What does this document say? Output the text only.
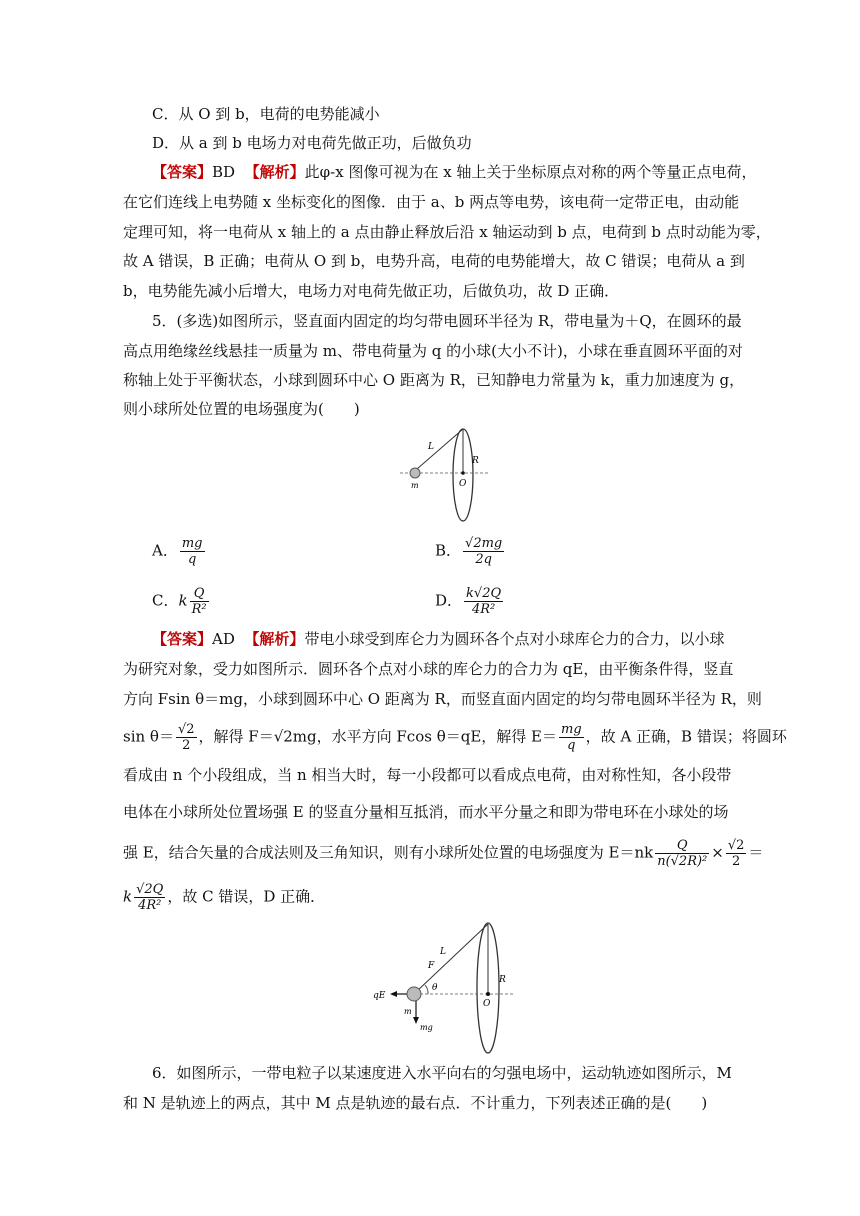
C．从 O 到 b，电荷的电势能减小
D．从 a 到 b 电场力对电荷先做正功，后做负功
【答案】BD 【解析】此φ-x 图像可视为在 x 轴上关于坐标原点对称的两个等量正点电荷，
在它们连线上电势随 x 坐标变化的图像．由于 a、b 两点等电势，该电荷一定带正电，由动能
定理可知，将一电荷从 x 轴上的 a 点由静止释放后沿 x 轴运动到 b 点，电荷到 b 点时动能为零，
故 A 错误，B 正确；电荷从 O 到 b，电势升高，电荷的电势能增大，故 C 错误；电荷从 a 到
b，电势能先减小后增大，电场力对电荷先做正功，后做负功，故 D 正确．
5．(多选)如图所示，竖直面内固定的均匀带电圆环半径为 R，带电量为＋Q，在圆环的最
高点用绝缘丝线悬挂一质量为 m、带电荷量为 q 的小球(大小不计)，小球在垂直圆环平面的对
称轴上处于平衡状态，小球到圆环中心 O 距离为 R，已知静电力常量为 k，重力加速度为 g，
则小球所处位置的电场强度为(　　)
L
R
O
m
A． $\frac{mg}{q}$	B． $\frac{√2mg}{2q}$
C．k $\frac{Q}{\text{R²}}$	D． $\frac{k√2Q}{\text{4R²}}$
【答案】AD 【解析】带电小球受到库仑力为圆环各个点对小球库仑力的合力，以小球
为研究对象，受力如图所示．圆环各个点对小球的库仑力的合力为 qE，由平衡条件得，竖直
方向 Fsin θ＝mg，小球到圆环中心 O 距离为 R，而竖直面内固定的均匀带电圆环半径为 R，则
$\sin \theta= \frac{√2}{2}$ ，解得 F＝√2mg，水平方向 Fcos θ＝qE，解得 $E= \frac{mg}{q}$ ，故 A 正确，B 错误；将圆环
看成由 n 个小段组成，当 n 相当大时，每一小段都可以看成点电荷，由对称性知，各小段带
电体在小球所处位置场强 E 的竖直分量相互抵消，而水平分量之和即为带电环在小球处的场
强 E，结合矢量的合成法则及三角知识，则有小球所处位置的电场强度为 $E=nk \frac{Q}{\text{n(√2R)²}} \times \frac{√2}{2}$ ＝
k $\frac{√2Q}{\text{4R²}}$ ，故 C 错误，D 正确．
qE
F
L
θ
R
O
m
mg
6．如图所示，一带电粒子以某速度进入水平向右的匀强电场中，运动轨迹如图所示，M
和 N 是轨迹上的两点，其中 M 点是轨迹的最右点．不计重力，下列表述正确的是(　　)
